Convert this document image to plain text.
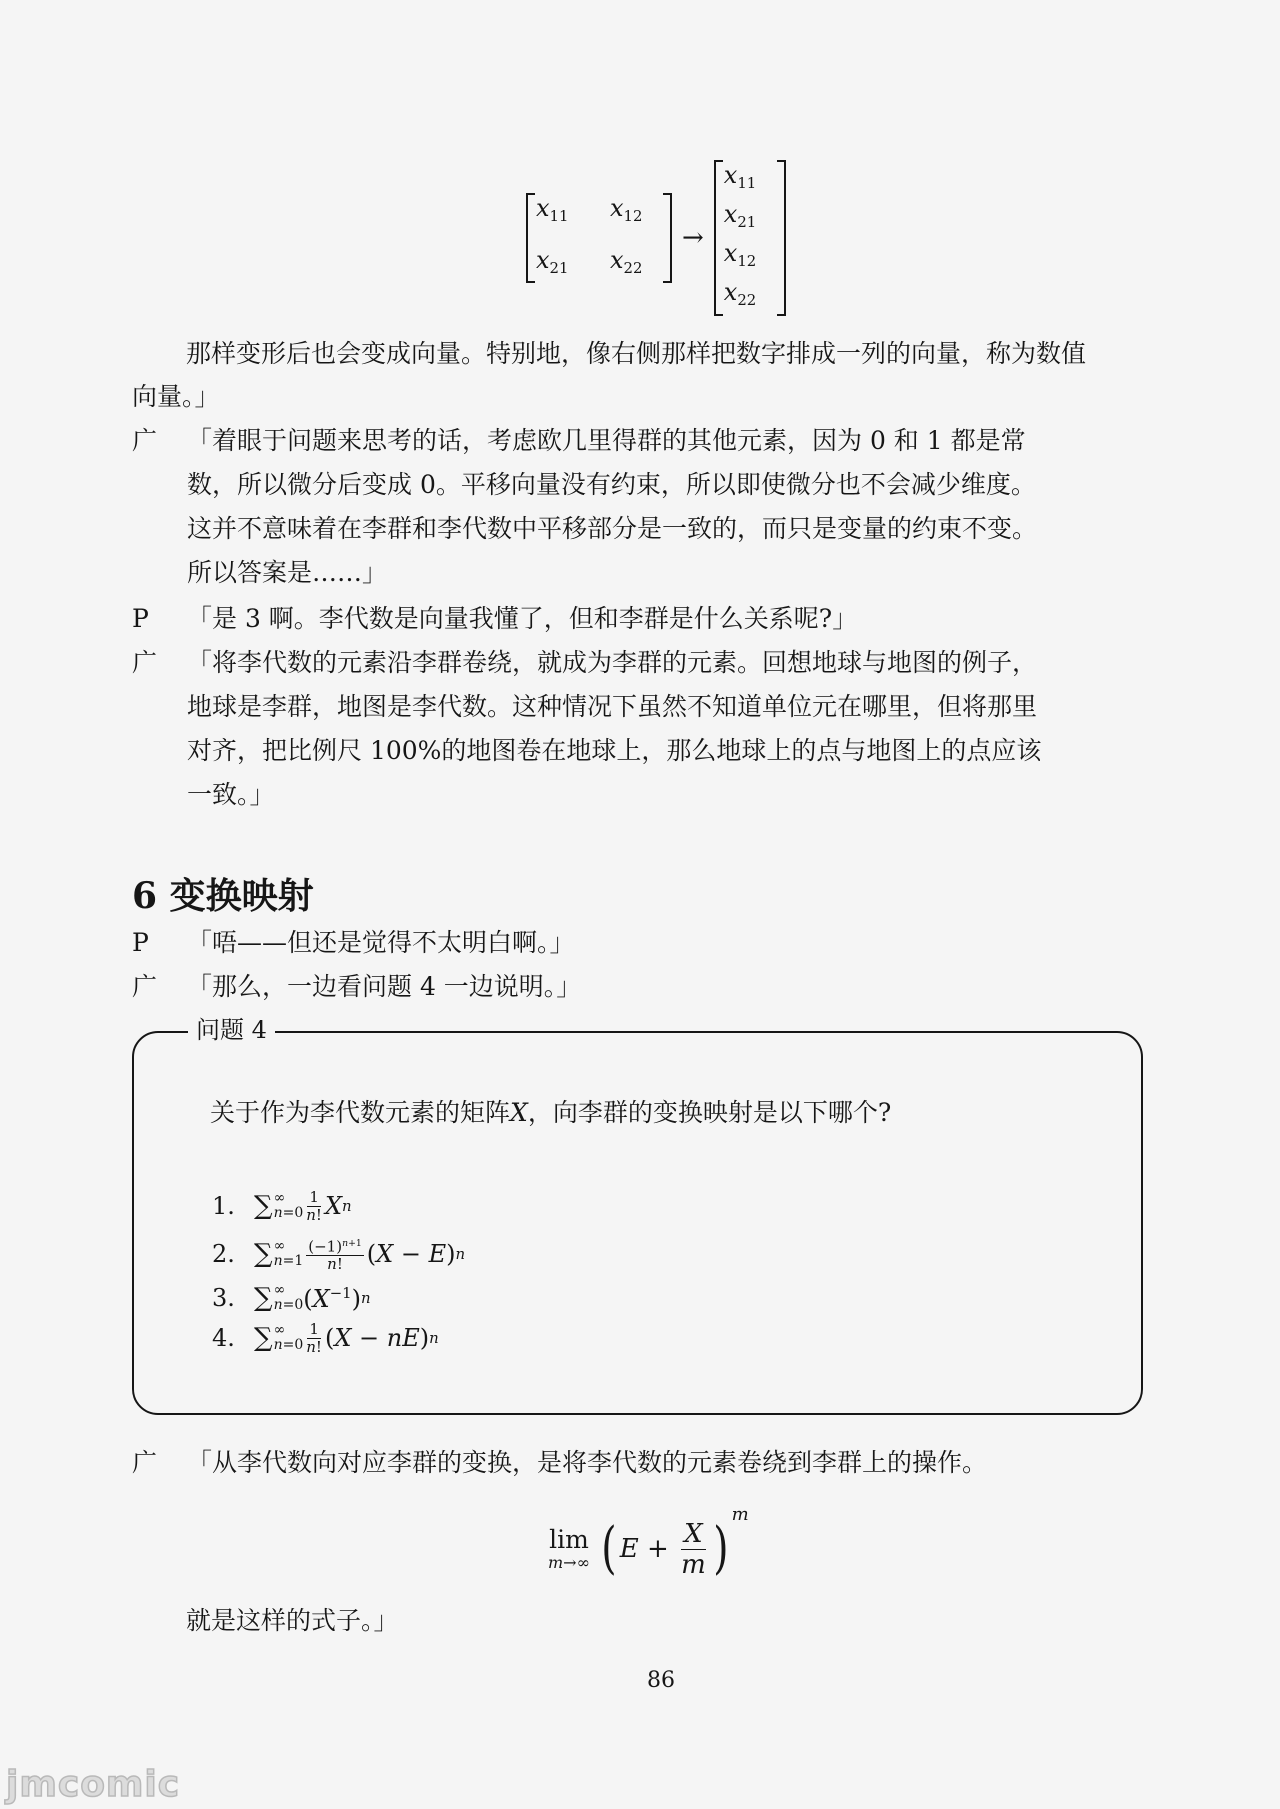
$x_{11}$	$x_{12}$
$x_{21}$	$x_{22}$
→
$x_{11}$
$x_{21}$
$x_{12}$
$x_{22}$
那样变形后也会变成向量。特别地，像右侧那样把数字排成一列的向量，称为数值
向量。」
广	「着眼于问题来思考的话，考虑欧几里得群的其他元素，因为 0 和 1 都是常
数，所以微分后变成 0。平移向量没有约束，所以即使微分也不会减少维度。
这并不意味着在李群和李代数中平移部分是一致的，而只是变量的约束不变。
所以答案是……」
P	「是 3 啊。李代数是向量我懂了，但和李群是什么关系呢?」
广	「将李代数的元素沿李群卷绕，就成为李群的元素。回想地球与地图的例子，
地球是李群，地图是李代数。这种情况下虽然不知道单位元在哪里，但将那里
对齐，把比例尺 100%的地图卷在地球上，那么地球上的点与地图上的点应该
一致。」
6 变换映射
P	「唔——但还是觉得不太明白啊。」
广	「那么，一边看问题 4 一边说明。」
问题 4
关于作为李代数元素的矩阵X，向李群的变换映射是以下哪个?
1. ∑ ∞
$n=0 \frac{1}{n!}$ X n
2. ∑ ∞
$n=1 \frac{(-1)^{n+1}}{n!} (X - E)$ n
3. ∑ ∞
n=0 $(X^{-1})$ n
4. ∑ ∞
$n=0 \frac{1}{n!} (X - nE)$ n
广	「从李代数向对应李群的变换，是将李代数的元素卷绕到李群上的操作。
lim
m→∞ ( E +
X
m )
m
就是这样的式子。」
86
jmcomic
